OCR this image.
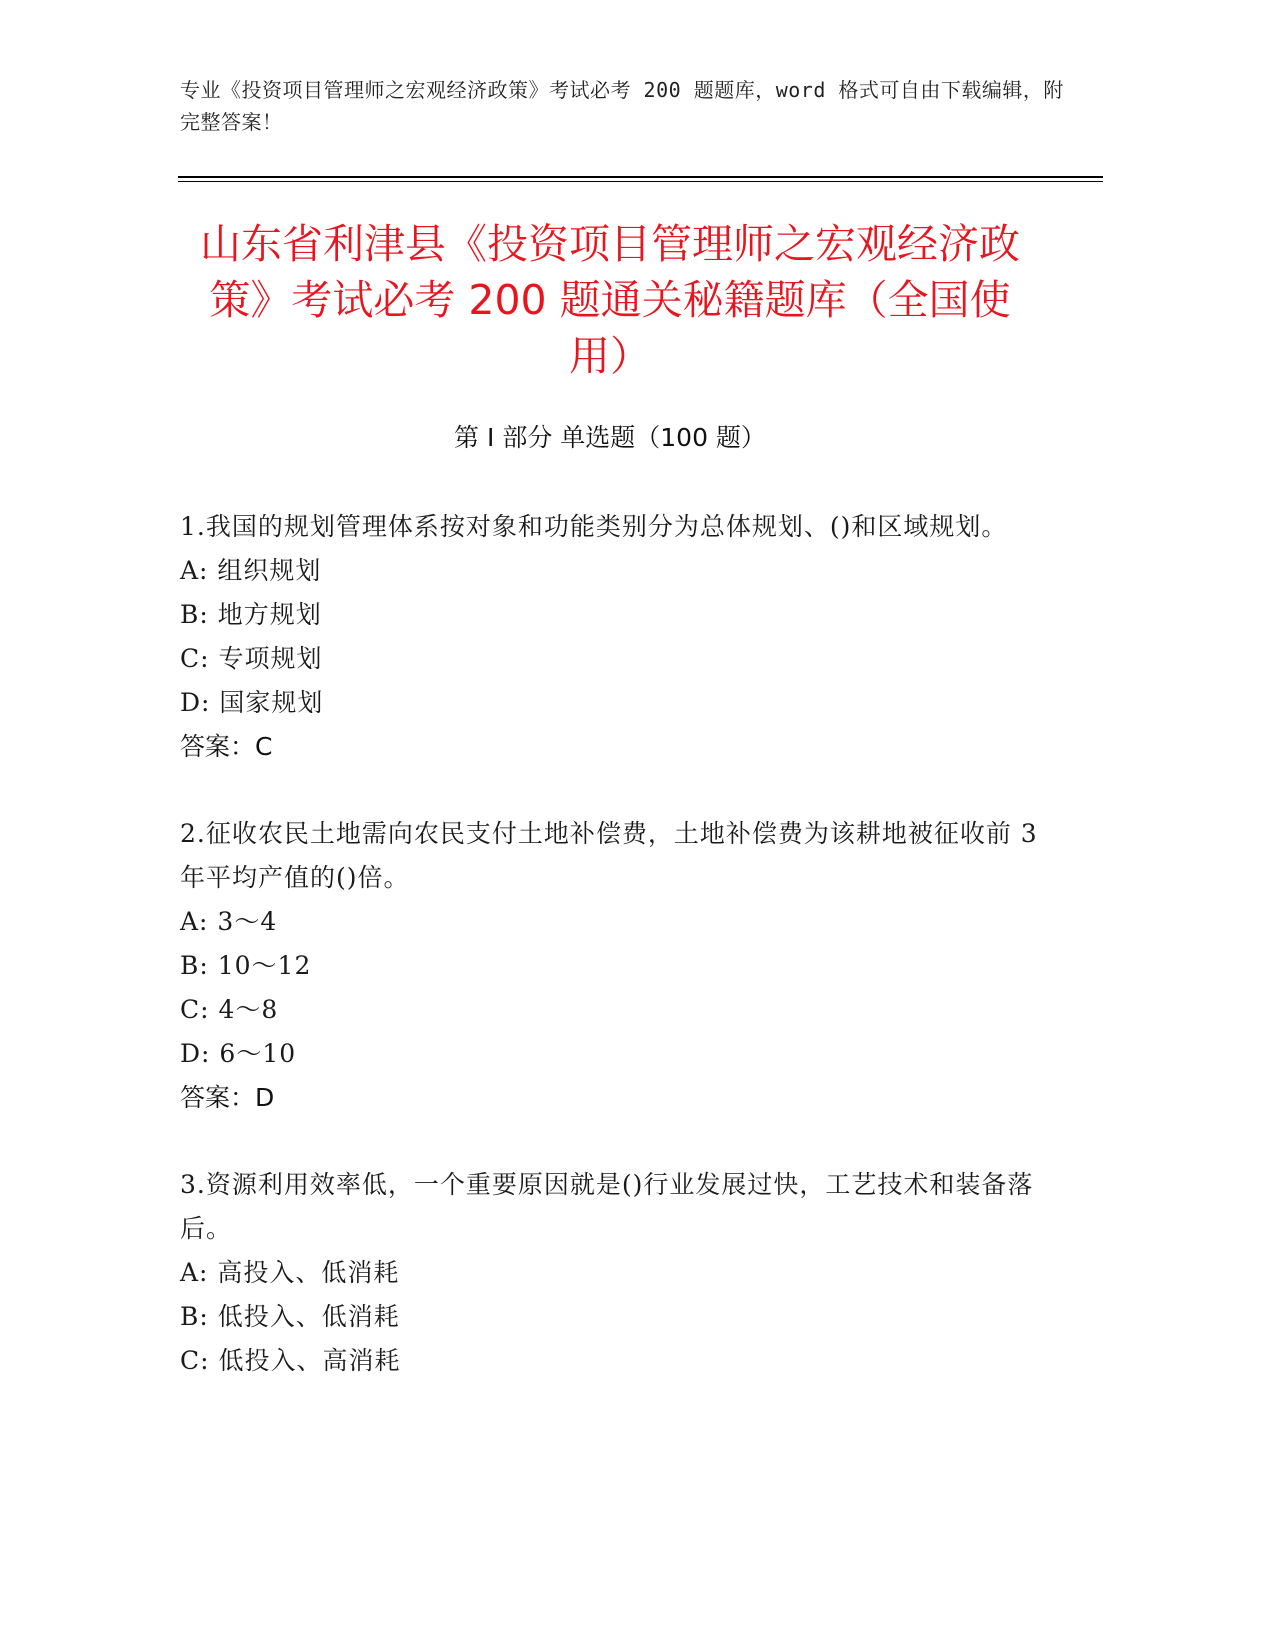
专业《投资项目管理师之宏观经济政策》考试必考 200 题题库，word 格式可自由下载编辑，附完整答案！
山东省利津县《投资项目管理师之宏观经济政策》考试必考 200 题通关秘籍题库（全国使用）
第 I 部分 单选题（100 题）
1.我国的规划管理体系按对象和功能类别分为总体规划、()和区域规划。
A: 组织规划
B: 地方规划
C: 专项规划
D: 国家规划
答案：C
2.征收农民土地需向农民支付土地补偿费，土地补偿费为该耕地被征收前 3 年平均产值的()倍。
A: 3～4
B: 10～12
C: 4～8
D: 6～10
答案：D
3.资源利用效率低，一个重要原因就是()行业发展过快，工艺技术和装备落后。
A: 高投入、低消耗
B: 低投入、低消耗
C: 低投入、高消耗
